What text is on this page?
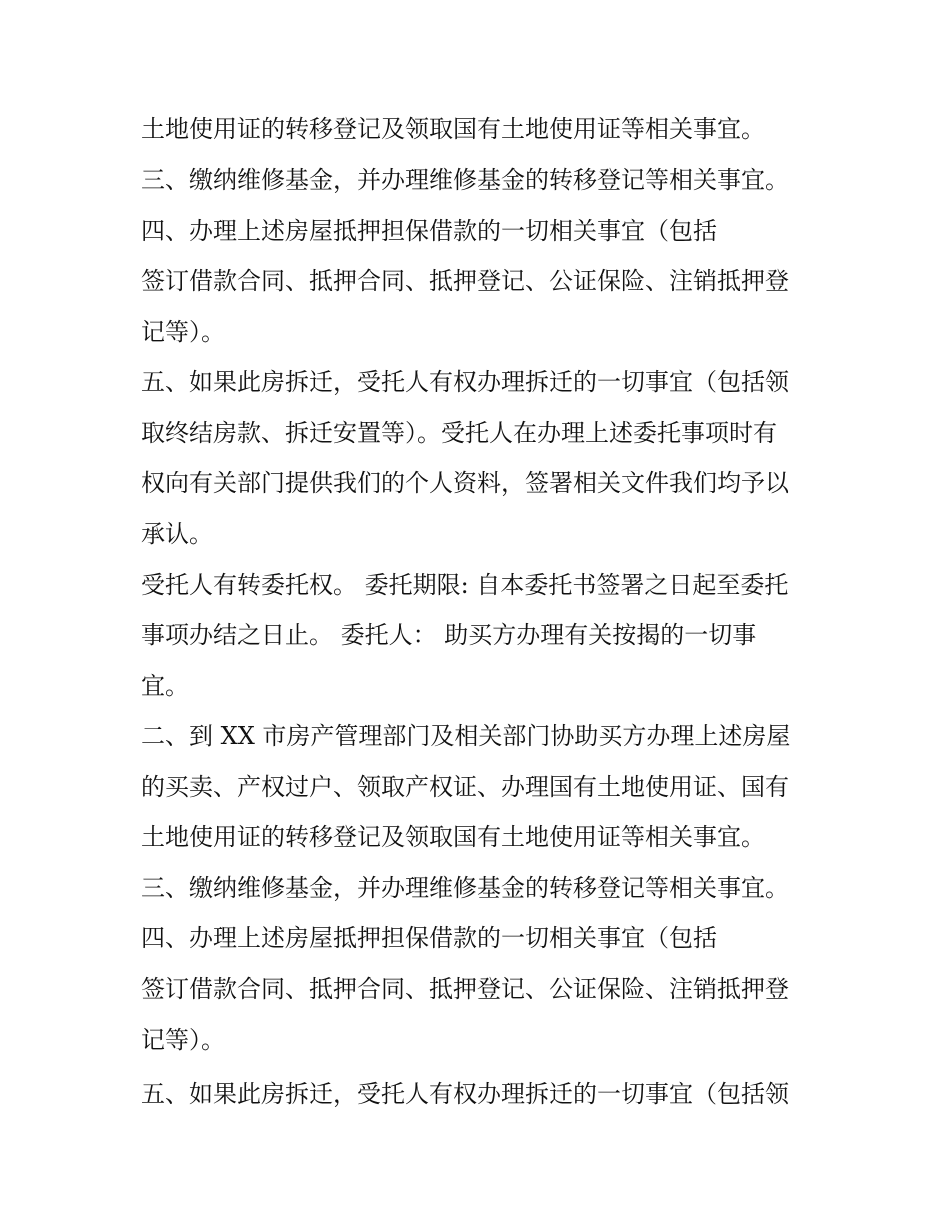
土地使用证的转移登记及领取国有土地使用证等相关事宜。
三、缴纳维修基金，并办理维修基金的转移登记等相关事宜。
四、办理上述房屋抵押担保借款的一切相关事宜（包括
签订借款合同、抵押合同、抵押登记、公证保险、注销抵押登
记等）。
五、如果此房拆迁，受托人有权办理拆迁的一切事宜（包括领
取终结房款、拆迁安置等）。受托人在办理上述委托事项时有
权向有关部门提供我们的个人资料，签署相关文件我们均予以
承认。
受托人有转委托权。 委托期限: 自本委托书签署之日起至委托
事项办结之日止。 委托人： 助买方办理有关按揭的一切事
宜。
二、到 XX 市房产管理部门及相关部门协助买方办理上述房屋
的买卖、产权过户、领取产权证、办理国有土地使用证、国有
土地使用证的转移登记及领取国有土地使用证等相关事宜。
三、缴纳维修基金，并办理维修基金的转移登记等相关事宜。
四、办理上述房屋抵押担保借款的一切相关事宜（包括
签订借款合同、抵押合同、抵押登记、公证保险、注销抵押登
记等）。
五、如果此房拆迁，受托人有权办理拆迁的一切事宜（包括领
